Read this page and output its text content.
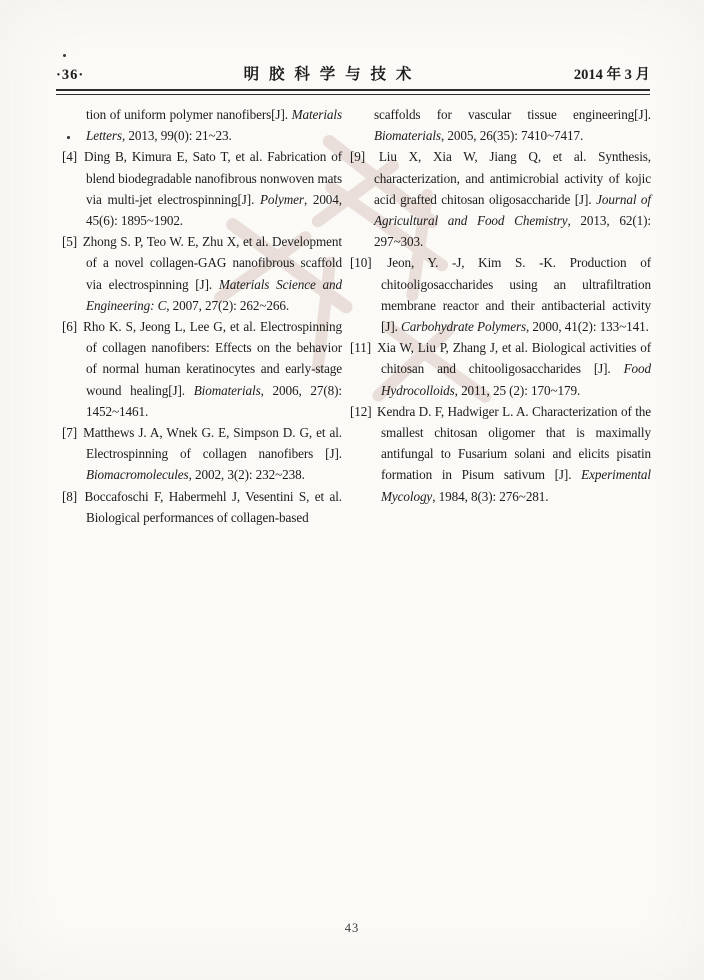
·36·	明 胶 科 学 与 技 术	2014 年 3 月
tion of uniform polymer nanofibers[J]. Materials Letters, 2013, 99(0): 21~23.
[4] Ding B, Kimura E, Sato T, et al. Fabrication of blend biodegradable nanofibrous nonwoven mats via multi-jet electrospinning[J]. Polymer, 2004, 45(6): 1895~1902.
[5] Zhong S. P, Teo W. E, Zhu X, et al. Development of a novel collagen-GAG nanofibrous scaffold via electrospinning [J]. Materials Science and Engineering: C, 2007, 27(2): 262~266.
[6] Rho K. S, Jeong L, Lee G, et al. Electrospinning of collagen nanofibers: Effects on the behavior of normal human keratinocytes and early-stage wound healing[J]. Biomaterials, 2006, 27(8): 1452~1461.
[7] Matthews J. A, Wnek G. E, Simpson D. G, et al. Electrospinning of collagen nanofibers [J]. Biomacromolecules, 2002, 3(2): 232~238.
[8] Boccafoschi F, Habermehl J, Vesentini S, et al. Biological performances of collagen-based
scaffolds for vascular tissue engineering[J]. Biomaterials, 2005, 26(35): 7410~7417.
[9] Liu X, Xia W, Jiang Q, et al. Synthesis, characterization, and antimicrobial activity of kojic acid grafted chitosan oligosaccharide [J]. Journal of Agricultural and Food Chemistry, 2013, 62(1): 297~303.
[10] Jeon, Y. -J, Kim S. -K. Production of chitooligosaccharides using an ultrafiltration membrane reactor and their antibacterial activity [J]. Carbohydrate Polymers, 2000, 41(2): 133~141.
[11] Xia W, Liu P, Zhang J, et al. Biological activities of chitosan and chitooligosaccharides [J]. Food Hydrocolloids, 2011, 25 (2): 170~179.
[12] Kendra D. F, Hadwiger L. A. Characterization of the smallest chitosan oligomer that is maximally antifungal to Fusarium solani and elicits pisatin formation in Pisum sativum [J]. Experimental Mycology, 1984, 8(3): 276~281.
43
